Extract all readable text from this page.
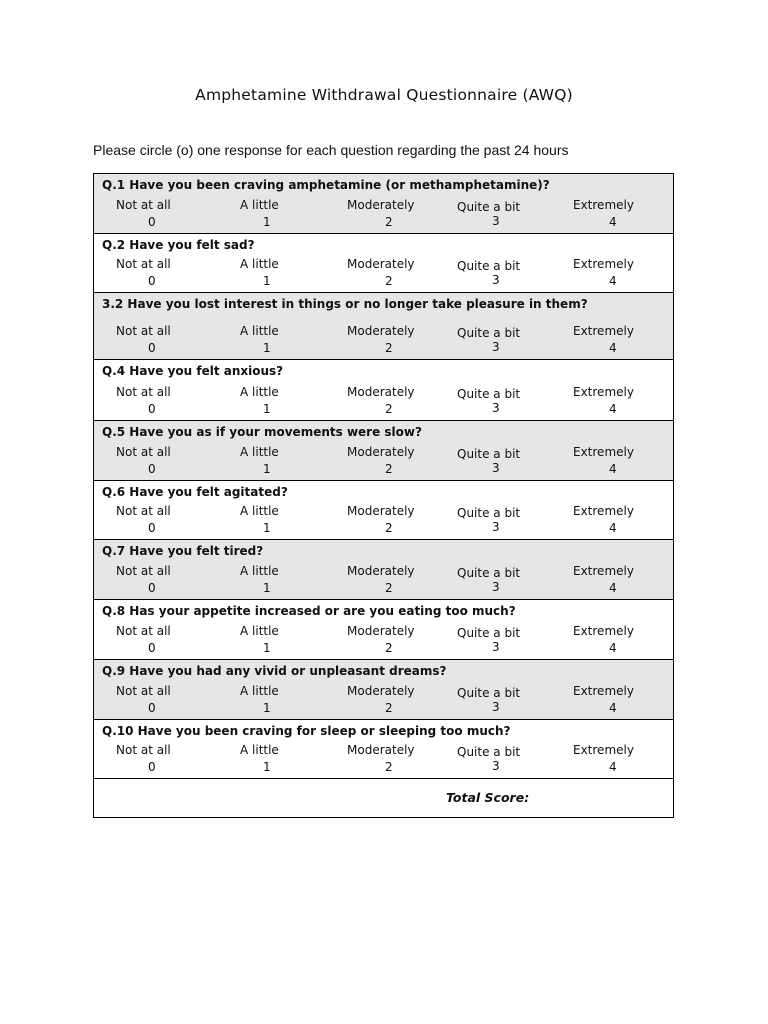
Amphetamine Withdrawal Questionnaire (AWQ)
Please circle (o) one response for each question regarding the past 24 hours
Q.1 Have you been craving amphetamine (or methamphetamine)?
Not at all
0
A little
1
Moderately
2
Quite a bit
3
Extremely
4
Q.2 Have you felt sad?
Not at all
0
A little
1
Moderately
2
Quite a bit
3
Extremely
4
3.2 Have you lost interest in things or no longer take pleasure in them?
Not at all
0
A little
1
Moderately
2
Quite a bit
3
Extremely
4
Q.4 Have you felt anxious?
Not at all
0
A little
1
Moderately
2
Quite a bit
3
Extremely
4
Q.5 Have you as if your movements were slow?
Not at all
0
A little
1
Moderately
2
Quite a bit
3
Extremely
4
Q.6 Have you felt agitated?
Not at all
0
A little
1
Moderately
2
Quite a bit
3
Extremely
4
Q.7 Have you felt tired?
Not at all
0
A little
1
Moderately
2
Quite a bit
3
Extremely
4
Q.8 Has your appetite increased or are you eating too much?
Not at all
0
A little
1
Moderately
2
Quite a bit
3
Extremely
4
Q.9 Have you had any vivid or unpleasant dreams?
Not at all
0
A little
1
Moderately
2
Quite a bit
3
Extremely
4
Q.10 Have you been craving for sleep or sleeping too much?
Not at all
0
A little
1
Moderately
2
Quite a bit
3
Extremely
4
Total Score:
